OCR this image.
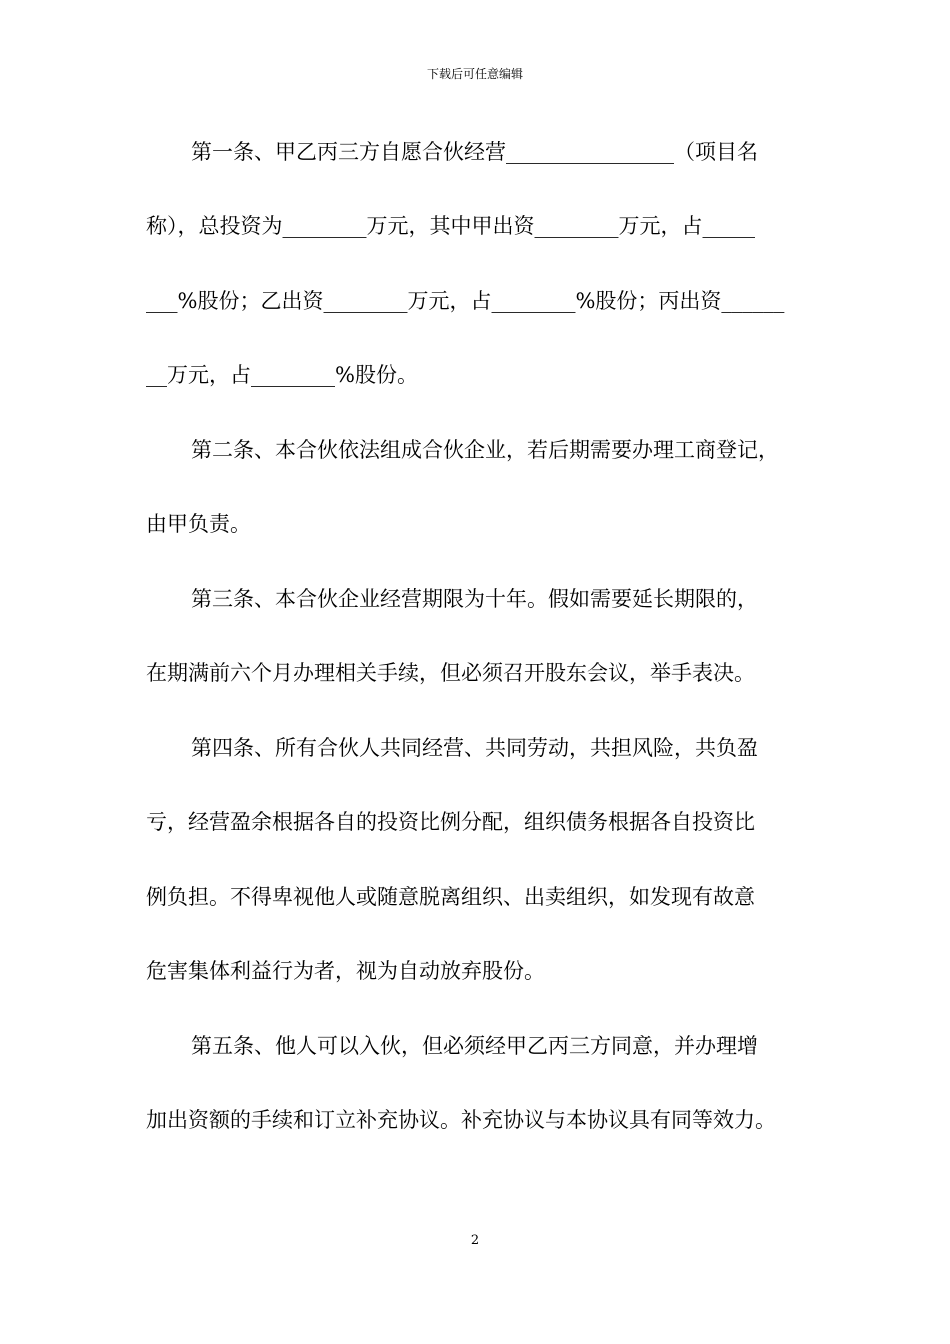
下载后可任意编辑
第一条、甲乙丙三方自愿合伙经营________________（项目名
称），总投资为________万元，其中甲出资________万元，占_____
___%股份；乙出资________万元，占________%股份；丙出资______
__万元，占________%股份。
第二条、本合伙依法组成合伙企业，若后期需要办理工商登记，
由甲负责。
第三条、本合伙企业经营期限为十年。假如需要延长期限的，
在期满前六个月办理相关手续，但必须召开股东会议，举手表决。
第四条、所有合伙人共同经营、共同劳动，共担风险，共负盈
亏，经营盈余根据各自的投资比例分配，组织债务根据各自投资比
例负担。不得卑视他人或随意脱离组织、出卖组织，如发现有故意
危害集体利益行为者，视为自动放弃股份。
第五条、他人可以入伙，但必须经甲乙丙三方同意，并办理增
加出资额的手续和订立补充协议。补充协议与本协议具有同等效力。
2
